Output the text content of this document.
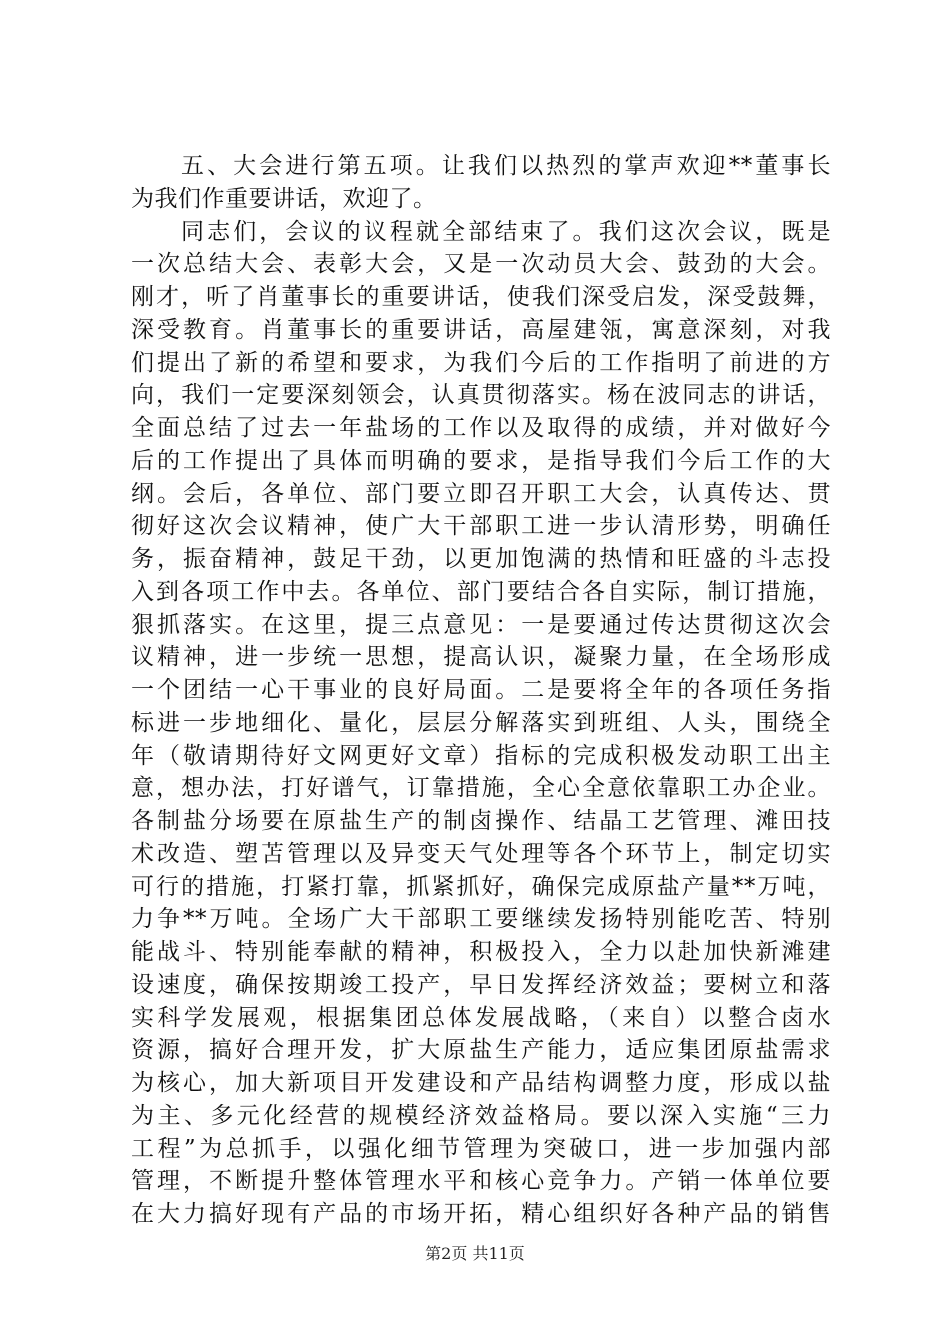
五、大会进行第五项。让我们以热烈的掌声欢迎**董事长
为我们作重要讲话，欢迎了。
同志们，会议的议程就全部结束了。我们这次会议，既是
一次总结大会、表彰大会，又是一次动员大会、鼓劲的大会。
刚才，听了肖董事长的重要讲话，使我们深受启发，深受鼓舞，
深受教育。肖董事长的重要讲话，高屋建瓴，寓意深刻，对我
们提出了新的希望和要求，为我们今后的工作指明了前进的方
向，我们一定要深刻领会，认真贯彻落实。杨在波同志的讲话，
全面总结了过去一年盐场的工作以及取得的成绩，并对做好今
后的工作提出了具体而明确的要求，是指导我们今后工作的大
纲。会后，各单位、部门要立即召开职工大会，认真传达、贯
彻好这次会议精神，使广大干部职工进一步认清形势，明确任
务，振奋精神，鼓足干劲，以更加饱满的热情和旺盛的斗志投
入到各项工作中去。各单位、部门要结合各自实际，制订措施，
狠抓落实。在这里，提三点意见：一是要通过传达贯彻这次会
议精神，进一步统一思想，提高认识，凝聚力量，在全场形成
一个团结一心干事业的良好局面。二是要将全年的各项任务指
标进一步地细化、量化，层层分解落实到班组、人头，围绕全
年（敬请期待好文网更好文章）指标的完成积极发动职工出主
意，想办法，打好谱气，订靠措施，全心全意依靠职工办企业。
各制盐分场要在原盐生产的制卤操作、结晶工艺管理、滩田技
术改造、塑苫管理以及异变天气处理等各个环节上，制定切实
可行的措施，打紧打靠，抓紧抓好，确保完成原盐产量**万吨，
力争**万吨。全场广大干部职工要继续发扬特别能吃苦、特别
能战斗、特别能奉献的精神，积极投入，全力以赴加快新滩建
设速度，确保按期竣工投产，早日发挥经济效益；要树立和落
实科学发展观，根据集团总体发展战略，（来自）以整合卤水
资源，搞好合理开发，扩大原盐生产能力，适应集团原盐需求
为核心，加大新项目开发建设和产品结构调整力度，形成以盐
为主、多元化经营的规模经济效益格局。要以深入实施“三力
工程”为总抓手，以强化细节管理为突破口，进一步加强内部
管理，不断提升整体管理水平和核心竞争力。产销一体单位要
在大力搞好现有产品的市场开拓，精心组织好各种产品的销售
第2页 共11页
